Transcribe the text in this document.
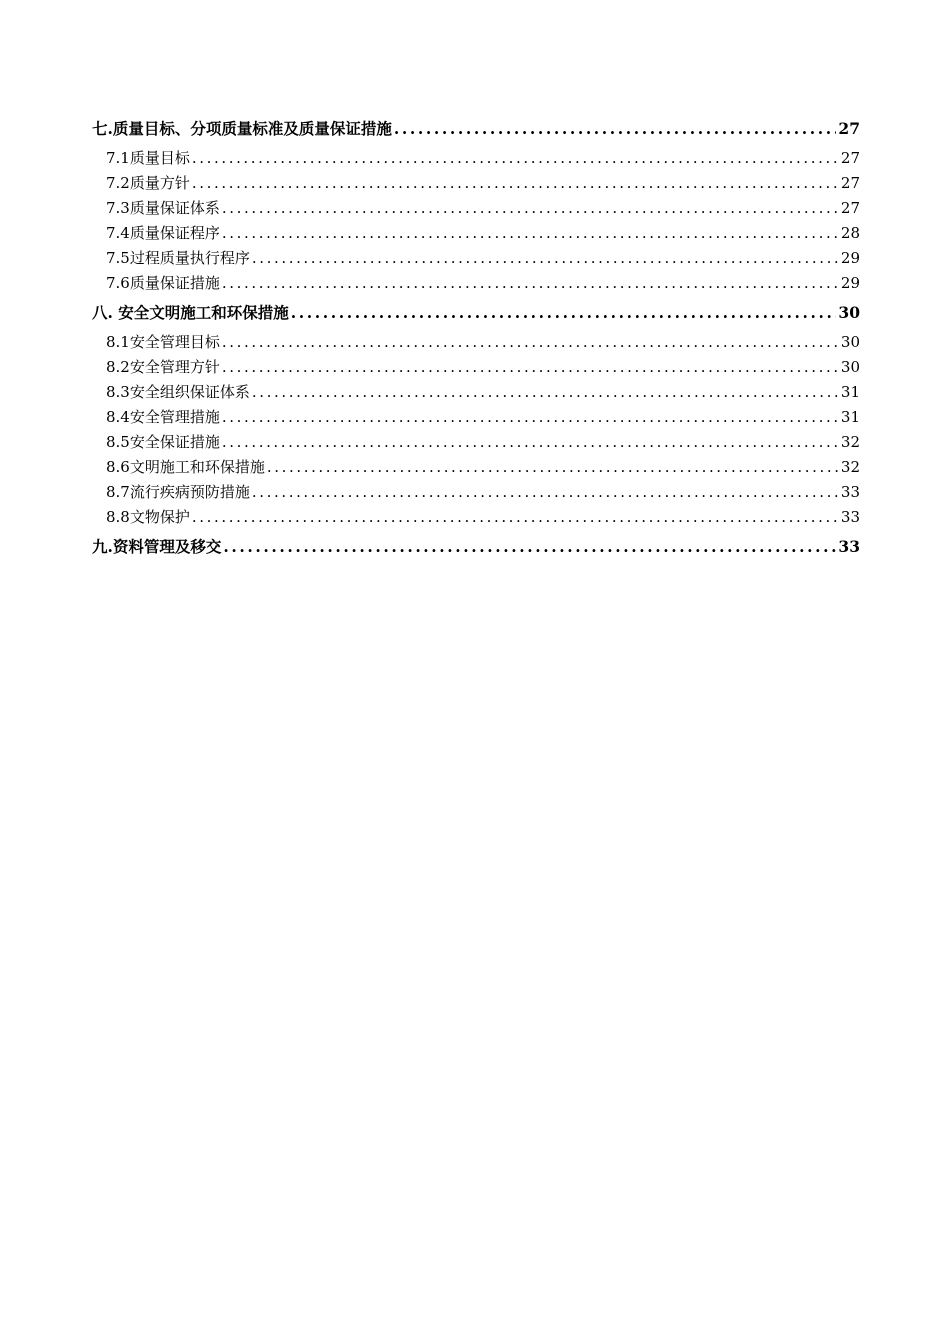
七.质量目标、分项质量标准及质量保证措施 .....	27
7.1质量目标 .....	27
7.2质量方针 .....	27
7.3质量保证体系 .....	27
7.4质量保证程序 .....	28
7.5过程质量执行程序 .....	29
7.6质量保证措施 .....	29
八. 安全文明施工和环保措施 .....	30
8.1安全管理目标 .....	30
8.2安全管理方针 .....	30
8.3安全组织保证体系 .....	31
8.4安全管理措施 .....	31
8.5安全保证措施 .....	32
8.6文明施工和环保措施 .....	32
8.7流行疾病预防措施 .....	33
8.8文物保护 .....	33
九.资料管理及移交 .....	33
